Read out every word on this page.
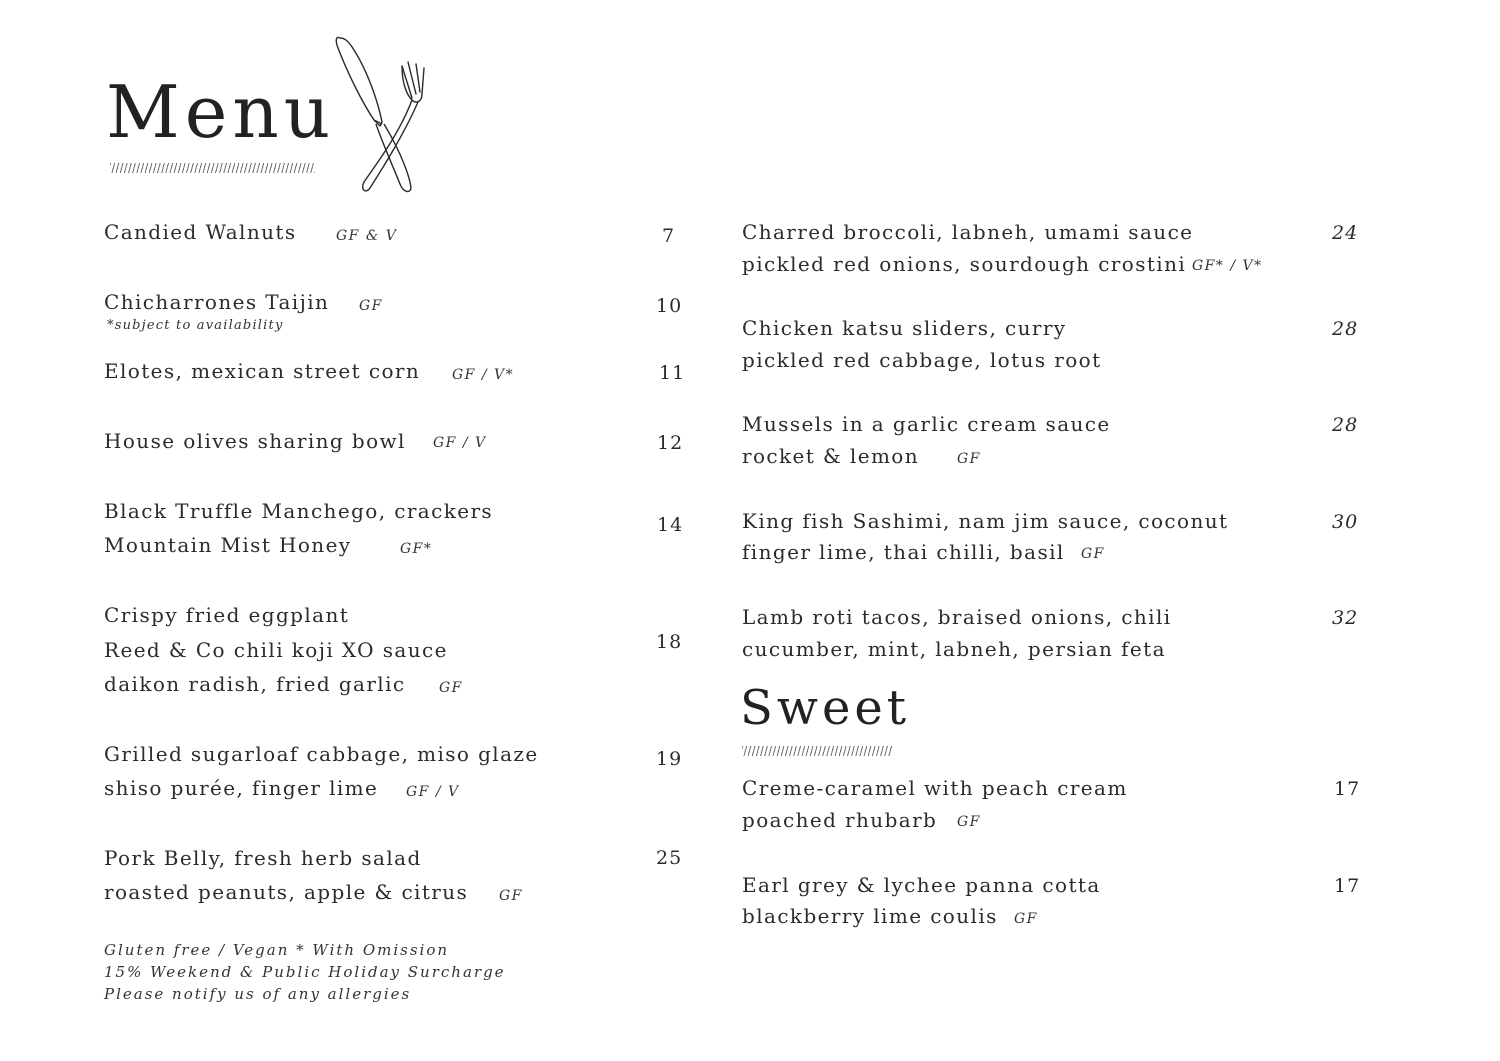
Menu
Candied Walnuts	GF & V	7
Chicharrones Taijin GF
*subject to availability
10
Elotes, mexican street corn GF / V*	11
House olives sharing bowl GF / V	12
Black Truffle Manchego, crackers
Mountain Mist Honey	GF*
14
Crispy fried eggplant
Reed & Co chili koji XO sauce
daikon radish, fried garlic GF
18
Grilled sugarloaf cabbage, miso glaze
shiso purée, finger lime GF / V
19
Pork Belly, fresh herb salad
roasted peanuts, apple & citrus GF
25
Gluten free / Vegan * With Omission
15% Weekend & Public Holiday Surcharge
Please notify us of any allergies
Charred broccoli, labneh, umami sauce
pickled red onions, sourdough crostini GF* / V*
24
Chicken katsu sliders, curry
pickled red cabbage, lotus root
28
Mussels in a garlic cream sauce
rocket & lemon	GF
28
King fish Sashimi, nam jim sauce, coconut
finger lime, thai chilli, basil GF
30
Lamb roti tacos, braised onions, chili
cucumber, mint, labneh, persian feta
32
Sweet
Creme-caramel with peach cream
poached rhubarb GF
17
Earl grey & lychee panna cotta
blackberry lime coulis GF
17
